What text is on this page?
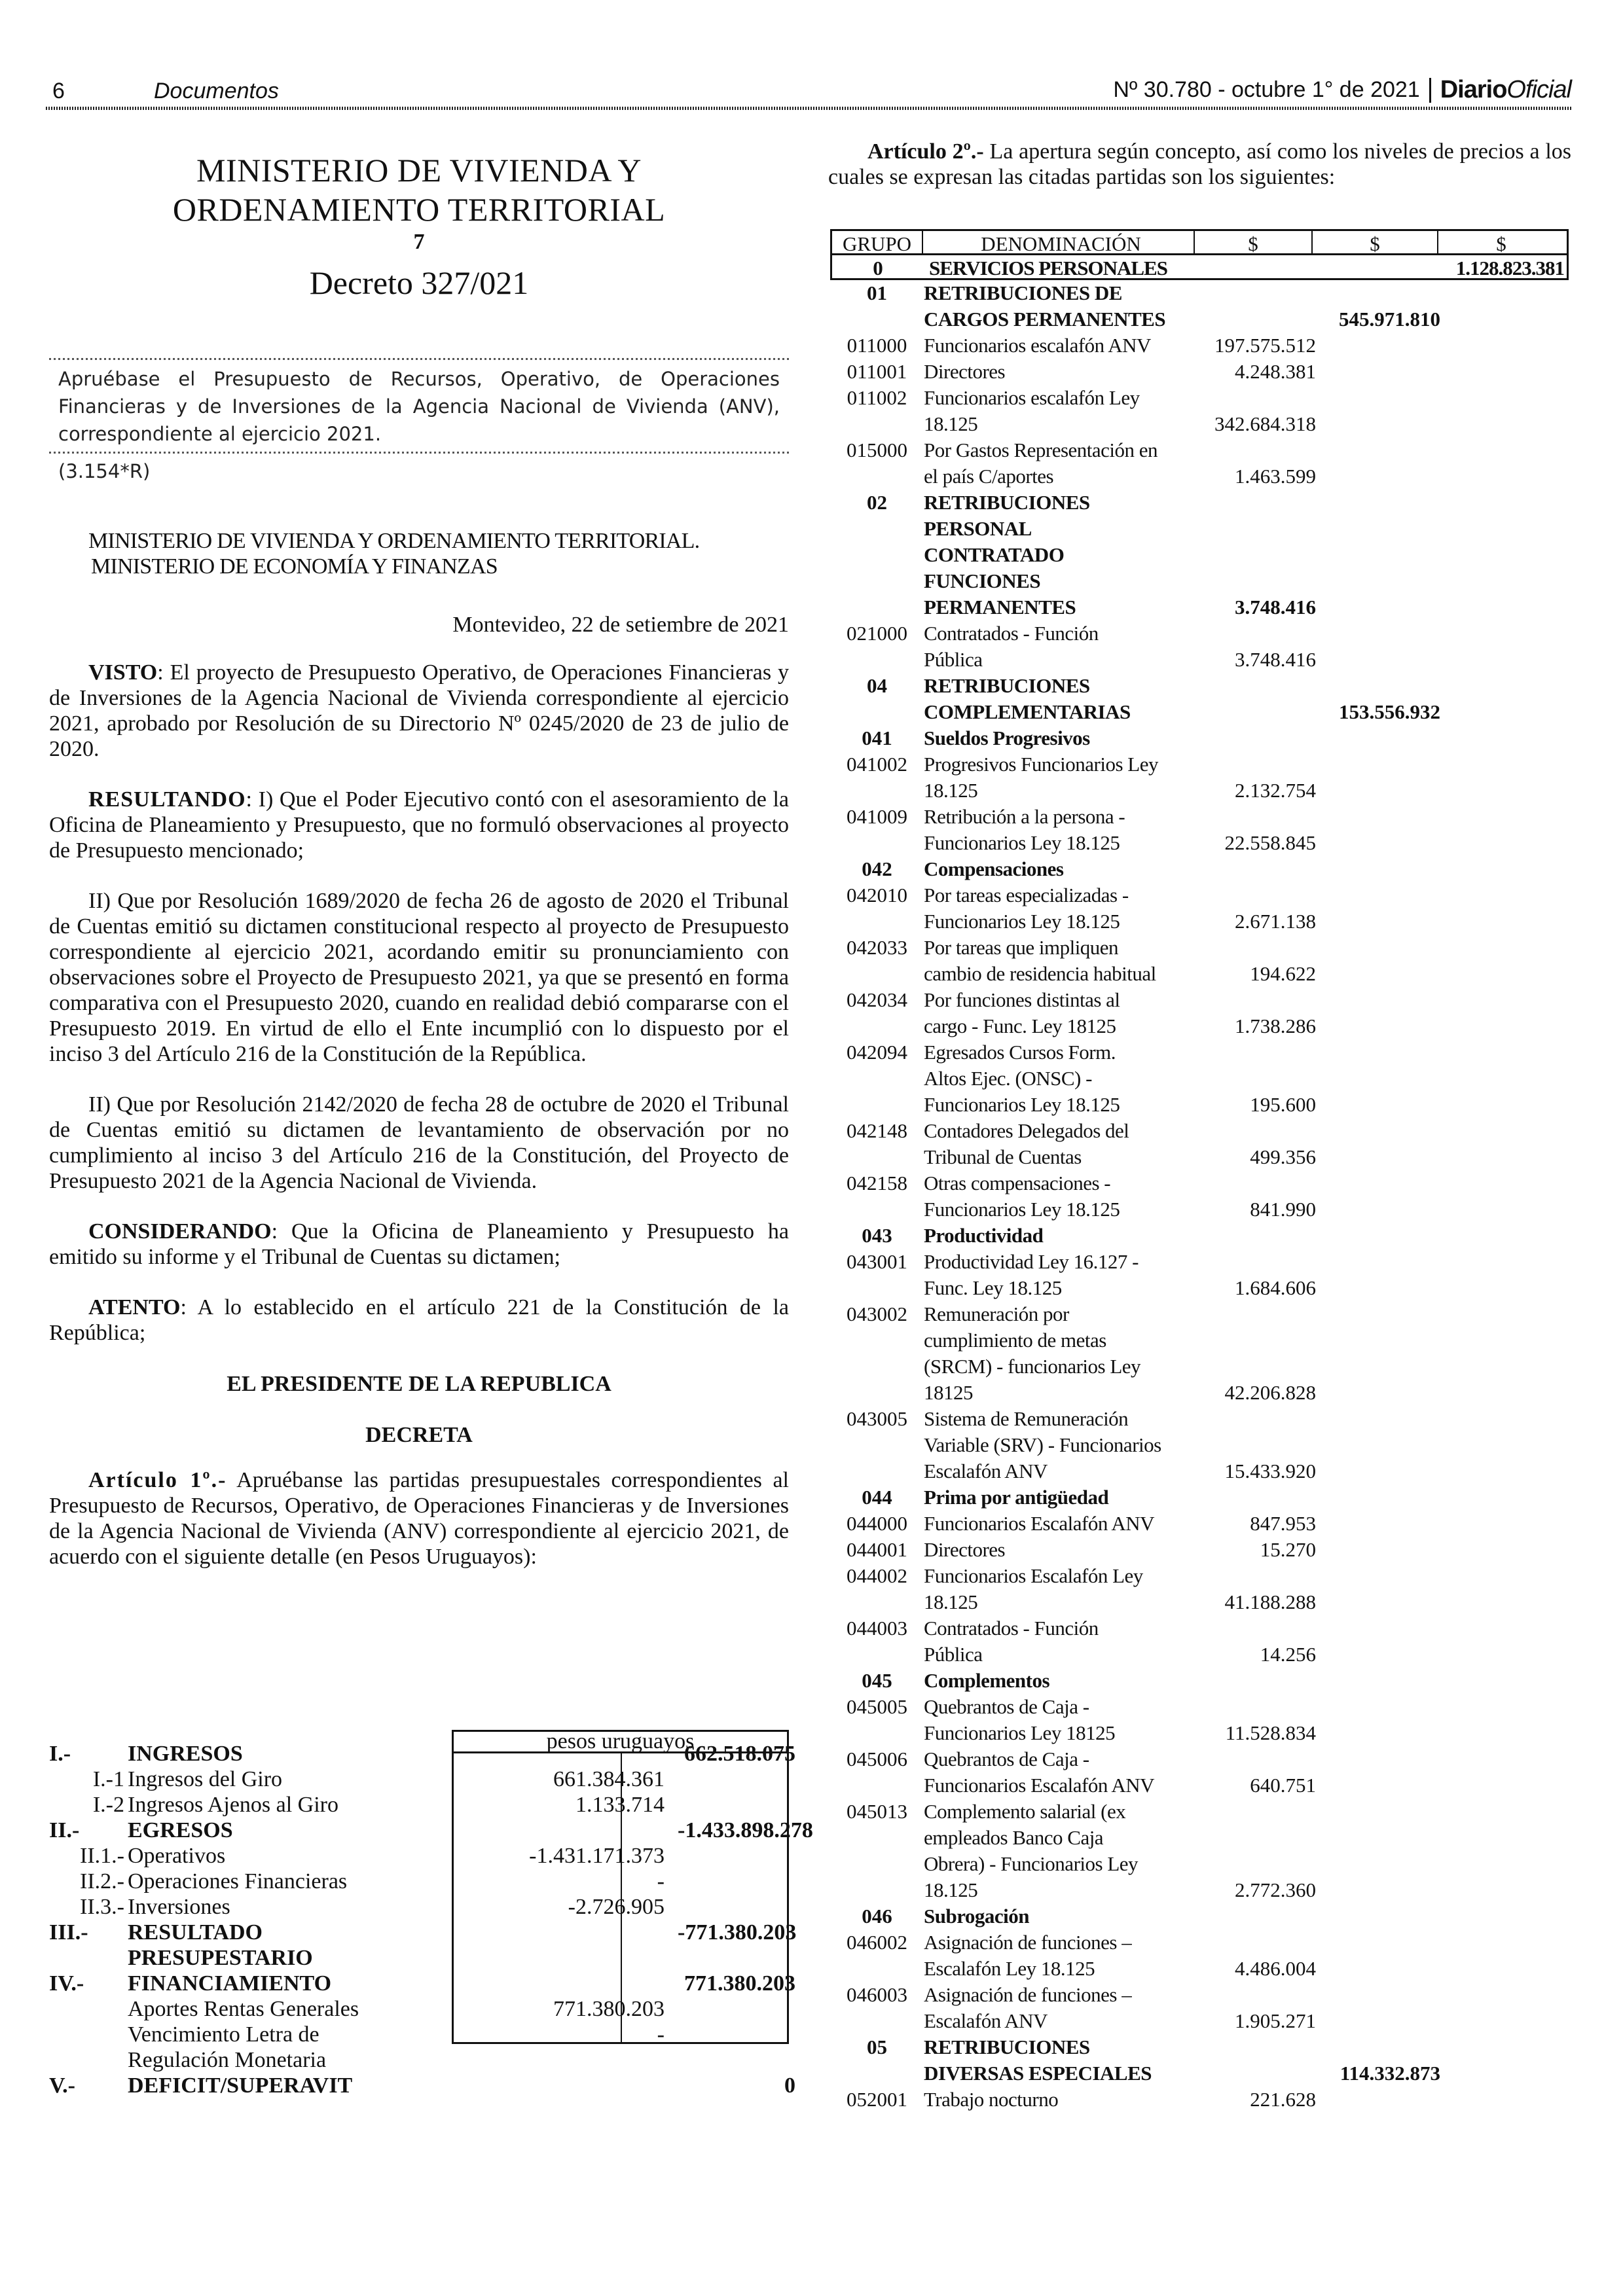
6	Documentos	Nº 30.780 - octubre 1° de 2021 DiarioOficial
MINISTERIO DE VIVIENDA Y
ORDENAMIENTO TERRITORIAL
7
Decreto 327/021
Apruébase el Presupuesto de Recursos, Operativo, de Operaciones Financieras y de Inversiones de la Agencia Nacional de Vivienda (ANV), correspondiente al ejercicio 2021.
(3.154*R)
MINISTERIO DE VIVIENDA Y ORDENAMIENTO TERRITORIAL.
MINISTERIO DE ECONOMÍA Y FINANZAS
Montevideo, 22 de setiembre de 2021

VISTO: El proyecto de Presupuesto Operativo, de Operaciones Financieras y de Inversiones de la Agencia Nacional de Vivienda correspondiente al ejercicio 2021, aprobado por Resolución de su Directorio Nº 0245/2020 de 23 de julio de 2020.

RESULTANDO: I) Que el Poder Ejecutivo contó con el asesoramiento de la Oficina de Planeamiento y Presupuesto, que no formuló observaciones al proyecto de Presupuesto mencionado;

II) Que por Resolución 1689/2020 de fecha 26 de agosto de 2020 el Tribunal de Cuentas emitió su dictamen constitucional respecto al proyecto de Presupuesto correspondiente al ejercicio 2021, acordando emitir su pronunciamiento con observaciones sobre el Proyecto de Presupuesto 2021, ya que se presentó en forma comparativa con el Presupuesto 2020, cuando en realidad debió compararse con el Presupuesto 2019. En virtud de ello el Ente incumplió con lo dispuesto por el inciso 3 del Artículo 216 de la Constitución de la República.

II) Que por Resolución 2142/2020 de fecha 28 de octubre de 2020 el Tribunal de Cuentas emitió su dictamen de levantamiento de observación por no cumplimiento al inciso 3 del Artículo 216 de la Constitución, del Proyecto de Presupuesto 2021 de la Agencia Nacional de Vivienda.

CONSIDERANDO: Que la Oficina de Planeamiento y Presupuesto ha emitido su informe y el Tribunal de Cuentas su dictamen;

ATENTO: A lo establecido en el artículo 221 de la Constitución de la República;

EL PRESIDENTE DE LA REPUBLICA
DECRETA

Artículo 1º.- Apruébanse las partidas presupuestales correspondientes al Presupuesto de Recursos, Operativo, de Operaciones Financieras y de Inversiones de la Agencia Nacional de Vivienda (ANV) correspondiente al ejercicio 2021, de acuerdo con el siguiente detalle (en Pesos Uruguayos):

pesos uruguayos
I.-	INGRESOS	662.518.075
I.-1 Ingresos del Giro	661.384.361
I.-2 Ingresos Ajenos al Giro	1.133.714
II.- EGRESOS	-1.433.898.278
II.1.- Operativos	-1.431.171.373
II.2.- Operaciones Financieras	-
II.3.- Inversiones	-2.726.905
III.- RESULTADO	-771.380.203
PRESUPESTARIO
IV.- FINANCIAMIENTO	771.380.203
Aportes Rentas Generales	771.380.203
Vencimiento Letra de	-
Regulación Monetaria
V.- DEFICIT/SUPERAVIT	0

Artículo 2º.- La apertura según concepto, así como los niveles de precios a los cuales se expresan las citadas partidas son los siguientes:

GRUPO	DENOMINACIÓN	$	$	$
0	SERVICIOS PERSONALES	1.128.823.381
01	RETRIBUCIONES DE
CARGOS PERMANENTES	545.971.810
011000 Funcionarios escalafón ANV	197.575.512
011001 Directores	4.248.381
011002 Funcionarios escalafón Ley
18.125	342.684.318
015000 Por Gastos Representación en
el país C/aportes	1.463.599
02	RETRIBUCIONES
PERSONAL
CONTRATADO
FUNCIONES
PERMANENTES	3.748.416
021000 Contratados - Función
Pública	3.748.416
04	RETRIBUCIONES
COMPLEMENTARIAS	153.556.932
041	Sueldos Progresivos
041002 Progresivos Funcionarios Ley
18.125	2.132.754
041009 Retribución a la persona -
Funcionarios Ley 18.125	22.558.845
042	Compensaciones
042010 Por tareas especializadas -
Funcionarios Ley 18.125	2.671.138
042033 Por tareas que impliquen
cambio de residencia habitual	194.622
042034 Por funciones distintas al
cargo - Func. Ley 18125	1.738.286
042094 Egresados Cursos Form.
Altos Ejec. (ONSC) -
Funcionarios Ley 18.125	195.600
042148 Contadores Delegados del
Tribunal de Cuentas	499.356
042158 Otras compensaciones -
Funcionarios Ley 18.125	841.990
043	Productividad
043001 Productividad Ley 16.127 -
Func. Ley 18.125	1.684.606
043002 Remuneración por
cumplimiento de metas
(SRCM) - funcionarios Ley
18125	42.206.828
043005 Sistema de Remuneración
Variable (SRV) - Funcionarios
Escalafón ANV	15.433.920
044	Prima por antigüedad
044000 Funcionarios Escalafón ANV	847.953
044001 Directores	15.270
044002 Funcionarios Escalafón Ley
18.125	41.188.288
044003 Contratados - Función
Pública	14.256
045	Complementos
045005 Quebrantos de Caja -
Funcionarios Ley 18125	11.528.834
045006 Quebrantos de Caja -
Funcionarios Escalafón ANV	640.751
045013 Complemento salarial (ex
empleados Banco Caja
Obrera) - Funcionarios Ley
18.125	2.772.360
046	Subrogación
046002 Asignación de funciones –
Escalafón Ley 18.125	4.486.004
046003 Asignación de funciones –
Escalafón ANV	1.905.271
05	RETRIBUCIONES
DIVERSAS ESPECIALES	114.332.873
052001 Trabajo nocturno	221.628
